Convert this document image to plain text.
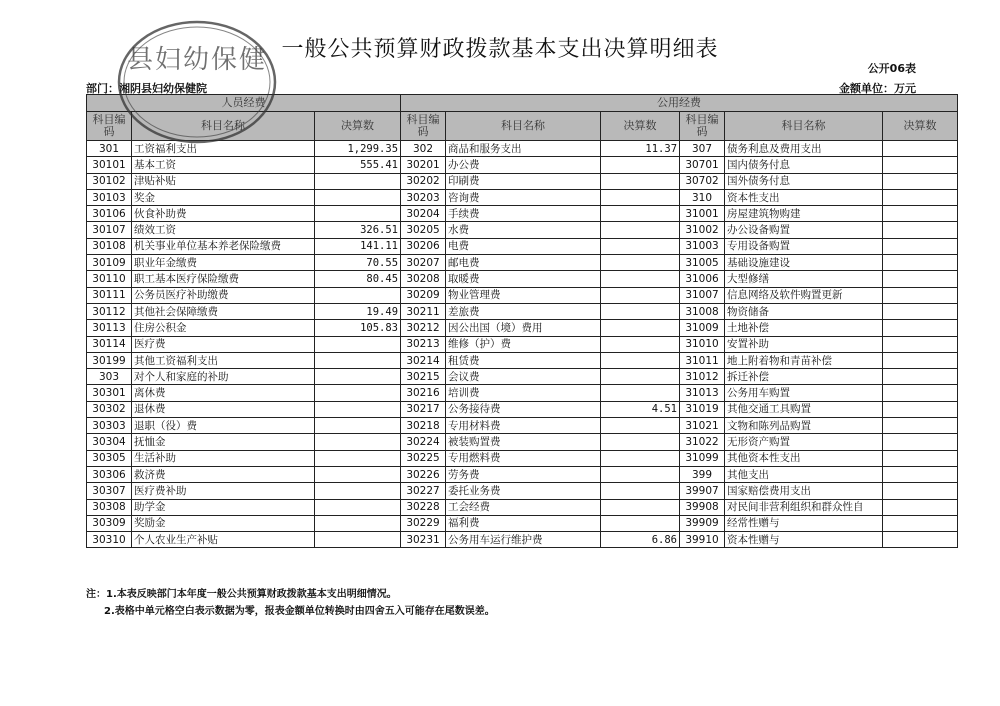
一般公共预算财政拨款基本支出决算明细表
公开06表
部门：湘阴县妇幼保健院	金额单位：万元
人员经费			公用经费					
科目编码	科目名称	决算数	科目编码	科目名称	决算数	科目编码	科目名称	决算数
301	工资福利支出	1,299.35	302	商品和服务支出	11.37	307	债务利息及费用支出	
30101	基本工资	555.41	30201	办公费		30701	国内债务付息	
30102	津贴补贴		30202	印刷费		30702	国外债务付息	
30103	奖金		30203	咨询费		310	资本性支出	
30106	伙食补助费		30204	手续费		31001	房屋建筑物购建	
30107	绩效工资	326.51	30205	水费		31002	办公设备购置	
30108	机关事业单位基本养老保险缴费	141.11	30206	电费		31003	专用设备购置	
30109	职业年金缴费	70.55	30207	邮电费		31005	基础设施建设	
30110	职工基本医疗保险缴费	80.45	30208	取暖费		31006	大型修缮	
30111	公务员医疗补助缴费		30209	物业管理费		31007	信息网络及软件购置更新	
30112	其他社会保障缴费	19.49	30211	差旅费		31008	物资储备	
30113	住房公积金	105.83	30212	因公出国（境）费用		31009	土地补偿	
30114	医疗费		30213	维修（护）费		31010	安置补助	
30199	其他工资福利支出		30214	租赁费		31011	地上附着物和青苗补偿	
303	对个人和家庭的补助		30215	会议费		31012	拆迁补偿	
30301	离休费		30216	培训费		31013	公务用车购置	
30302	退休费		30217	公务接待费	4.51	31019	其他交通工具购置	
30303	退职（役）费		30218	专用材料费		31021	文物和陈列品购置	
30304	抚恤金		30224	被装购置费		31022	无形资产购置	
30305	生活补助		30225	专用燃料费		31099	其他资本性支出	
30306	救济费		30226	劳务费		399	其他支出	
30307	医疗费补助		30227	委托业务费		39907	国家赔偿费用支出	
30308	助学金		30228	工会经费		39908	对民间非营利组织和群众性自	
30309	奖励金		30229	福利费		39909	经常性赠与	
30310	个人农业生产补贴		30231	公务用车运行维护费	6.86	39910	资本性赠与	
注：1.本表反映部门本年度一般公共预算财政拨款基本支出明细情况。
2.表格中单元格空白表示数据为零，报表金额单位转换时由四舍五入可能存在尾数误差。
县妇幼保健
